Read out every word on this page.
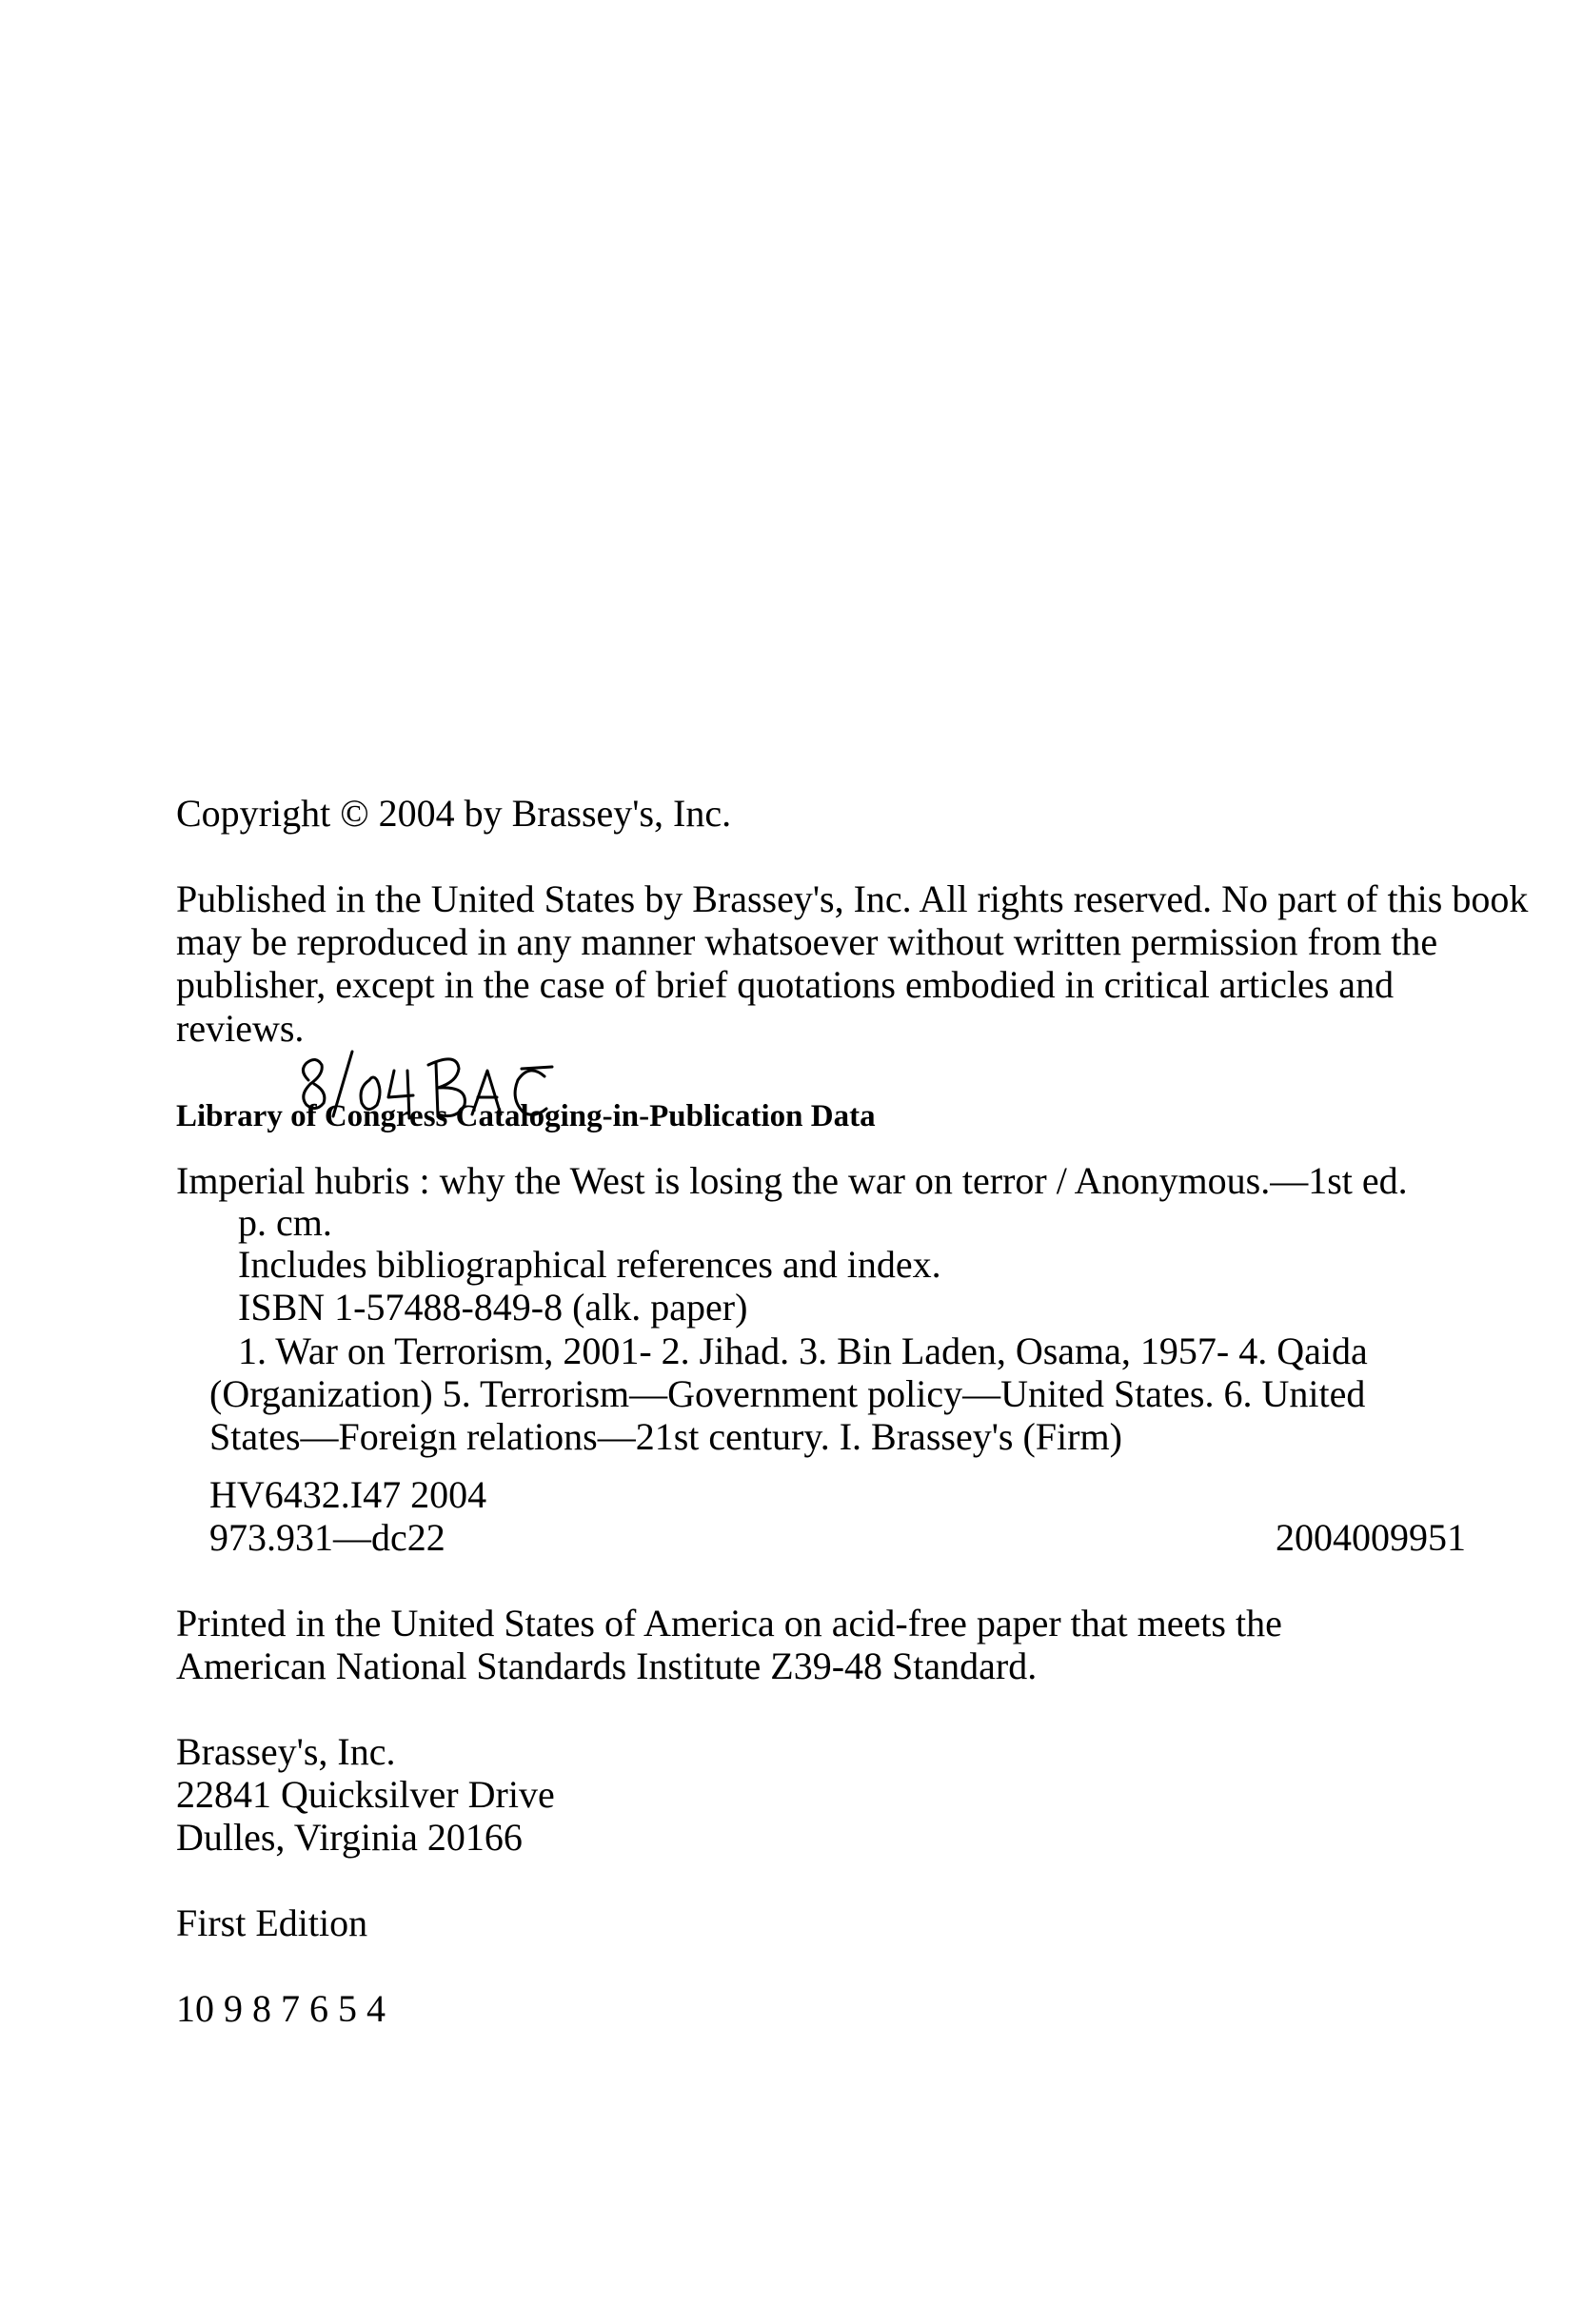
Copyright © 2004 by Brassey's, Inc.
Published in the United States by Brassey's, Inc. All rights reserved. No part of this book
may be reproduced in any manner whatsoever without written permission from the
publisher, except in the case of brief quotations embodied in critical articles and
reviews.
Library of Congress Cataloging-in-Publication Data
Imperial hubris : why the West is losing the war on terror / Anonymous.—1st ed.
p. cm.
Includes bibliographical references and index.
ISBN 1-57488-849-8 (alk. paper)
1. War on Terrorism, 2001- 2. Jihad. 3. Bin Laden, Osama, 1957- 4. Qaida
(Organization) 5. Terrorism—Government policy—United States. 6. United
States—Foreign relations—21st century. I. Brassey's (Firm)
HV6432.I47 2004
973.931—dc22	2004009951
Printed in the United States of America on acid-free paper that meets the
American National Standards Institute Z39-48 Standard.
Brassey's, Inc.
22841 Quicksilver Drive
Dulles, Virginia 20166
First Edition
10 9 8 7 6 5 4
